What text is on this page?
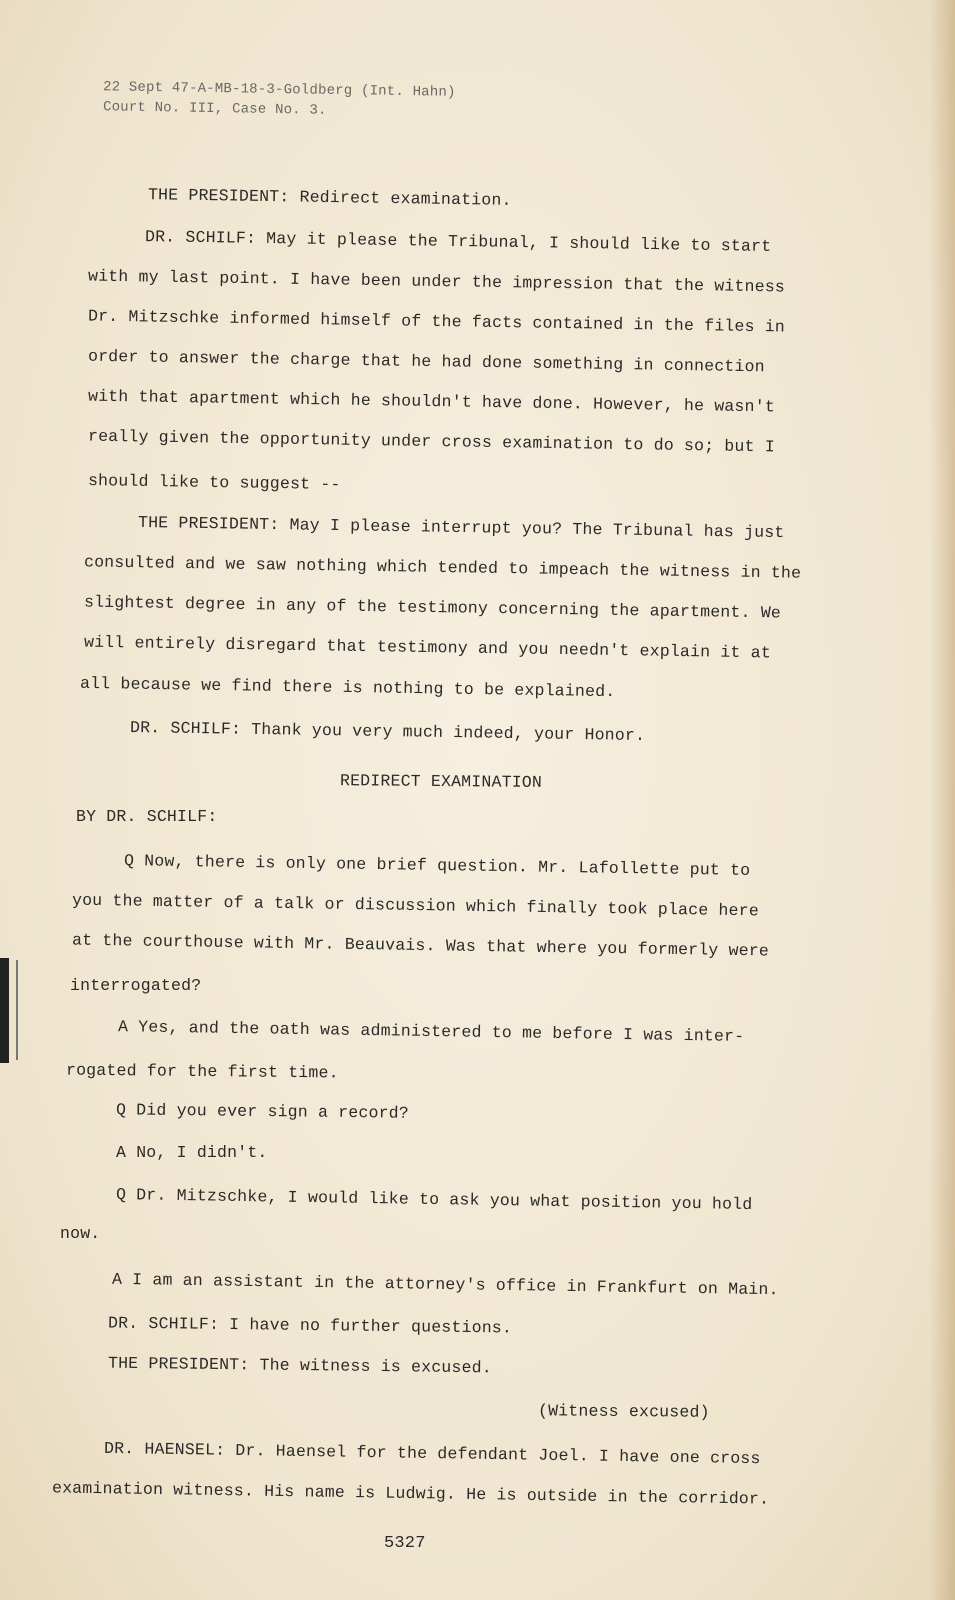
22 Sept 47-A-MB-18-3-Goldberg (Int. Hahn)
Court No. III, Case No. 3.
THE PRESIDENT: Redirect examination.
DR. SCHILF: May it please the Tribunal, I should like to start
with my last point. I have been under the impression that the witness
Dr. Mitzschke informed himself of the facts contained in the files in
order to answer the charge that he had done something in connection
with that apartment which he shouldn't have done. However, he wasn't
really given the opportunity under cross examination to do so; but I
should like to suggest --
THE PRESIDENT: May I please interrupt you? The Tribunal has just
consulted and we saw nothing which tended to impeach the witness in the
slightest degree in any of the testimony concerning the apartment. We
will entirely disregard that testimony and you needn't explain it at
all because we find there is nothing to be explained.
DR. SCHILF: Thank you very much indeed, your Honor.
REDIRECT EXAMINATION
BY DR. SCHILF:
Q Now, there is only one brief question. Mr. Lafollette put to
you the matter of a talk or discussion which finally took place here
at the courthouse with Mr. Beauvais. Was that where you formerly were
interrogated?
A Yes, and the oath was administered to me before I was inter-
rogated for the first time.
Q Did you ever sign a record?
A No, I didn't.
Q Dr. Mitzschke, I would like to ask you what position you hold
now.
A I am an assistant in the attorney's office in Frankfurt on Main.
DR. SCHILF: I have no further questions.
THE PRESIDENT: The witness is excused.
(Witness excused)
DR. HAENSEL: Dr. Haensel for the defendant Joel. I have one cross
examination witness. His name is Ludwig. He is outside in the corridor.
5327
